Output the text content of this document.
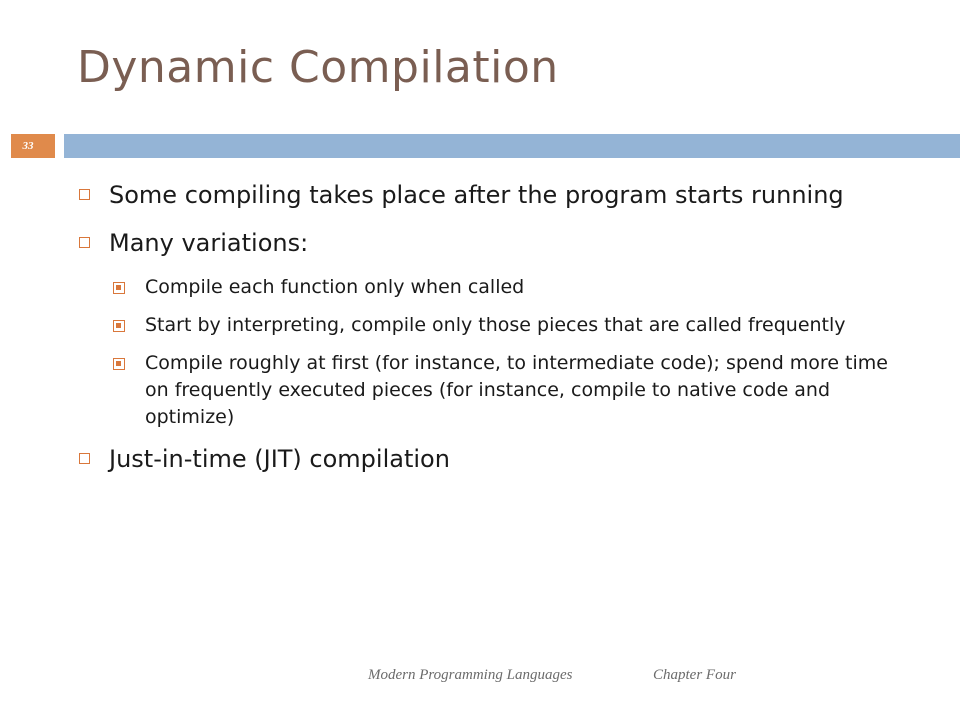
Dynamic Compilation
33
Some compiling takes place after the program starts running
Many variations:
Compile each function only when called
Start by interpreting, compile only those pieces that are called frequently
Compile roughly at first (for instance, to intermediate code); spend more time on frequently executed pieces (for instance, compile to native code and optimize)
Just-in-time (JIT) compilation
Modern Programming Languages	Chapter Four
